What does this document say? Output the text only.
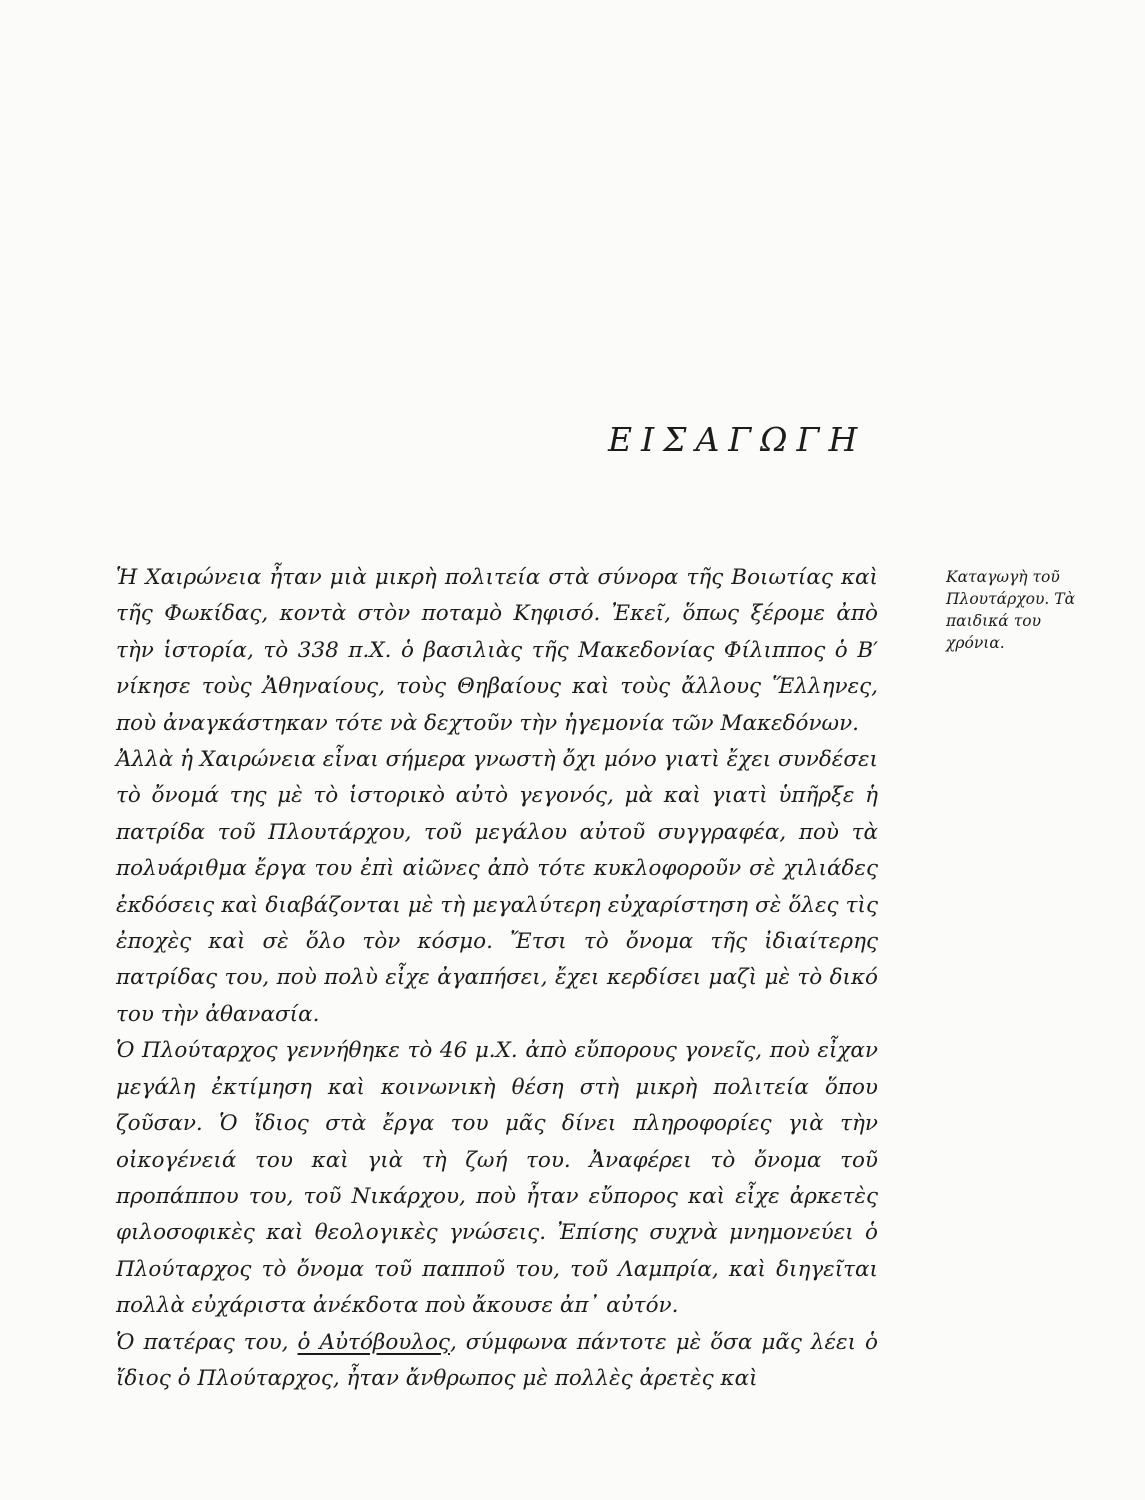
ΕΙΣΑΓΩΓΗ
Καταγωγὴ τοῦ Πλουτάρχου. Τὰ παιδικά του χρόνια.

Ἡ Χαιρώνεια ἦταν μιὰ μικρὴ πολιτεία στὰ σύνορα τῆς Βοιωτίας καὶ τῆς Φωκίδας, κοντὰ στὸν ποταμὸ Κηφισό. Ἐκεῖ, ὅπως ξέρομε ἀπὸ τὴν ἱστορία, τὸ 338 π.Χ. ὁ βασιλιὰς τῆς Μακεδονίας Φίλιππος ὁ Β′ νίκησε τοὺς Ἀθηναίους, τοὺς Θηβαίους καὶ τοὺς ἄλλους Ἕλληνες, ποὺ ἀναγκάστηκαν τότε νὰ δεχτοῦν τὴν ἡγεμονία τῶν Μακεδόνων.

Ἀλλὰ ἡ Χαιρώνεια εἶναι σήμερα γνωστὴ ὄχι μόνο γιατὶ ἔχει συνδέσει τὸ ὄνομά της μὲ τὸ ἱστορικὸ αὐτὸ γεγονός, μὰ καὶ γιατὶ ὑπῆρξε ἡ πατρίδα τοῦ Πλουτάρχου, τοῦ μεγάλου αὐτοῦ συγγραφέα, ποὺ τὰ πολυάριθμα ἔργα του ἐπὶ αἰῶνες ἀπὸ τότε κυκλοφοροῦν σὲ χιλιάδες ἐκδόσεις καὶ διαβάζονται μὲ τὴ μεγαλύτερη εὐχαρίστηση σὲ ὅλες τὶς ἐποχὲς καὶ σὲ ὅλο τὸν κόσμο. Ἔτσι τὸ ὄνομα τῆς ἰδιαίτερης πατρίδας του, ποὺ πολὺ εἶχε ἀγαπήσει, ἔχει κερδίσει μαζὶ μὲ τὸ δικό του τὴν ἀθανασία.

Ὁ Πλούταρχος γεννήθηκε τὸ 46 μ.Χ. ἀπὸ εὔπορους γονεῖς, ποὺ εἶχαν μεγάλη ἐκτίμηση καὶ κοινωνικὴ θέση στὴ μικρὴ πολιτεία ὅπου ζοῦσαν. Ὁ ἴδιος στὰ ἔργα του μᾶς δίνει πληροφορίες γιὰ τὴν οἰκογένειά του καὶ γιὰ τὴ ζωή του. Ἀναφέρει τὸ ὄνομα τοῦ προπάππου του, τοῦ Νικάρχου, ποὺ ἦταν εὔπορος καὶ εἶχε ἀρκετὲς φιλοσοφικὲς καὶ θεολογικὲς γνώσεις. Ἐπίσης συχνὰ μνημονεύει ὁ Πλούταρχος τὸ ὄνομα τοῦ παπποῦ του, τοῦ Λαμπρία, καὶ διηγεῖται πολλὰ εὐχάριστα ἀνέκδοτα ποὺ ἄκουσε ἀπ᾽ αὐτόν.

Ὁ πατέρας του, ὁ Αὐτόβουλος, σύμφωνα πάντοτε μὲ ὅσα μᾶς λέει ὁ ἴδιος ὁ Πλούταρχος, ἦταν ἄνθρωπος μὲ πολλὲς ἀρετὲς καὶ
